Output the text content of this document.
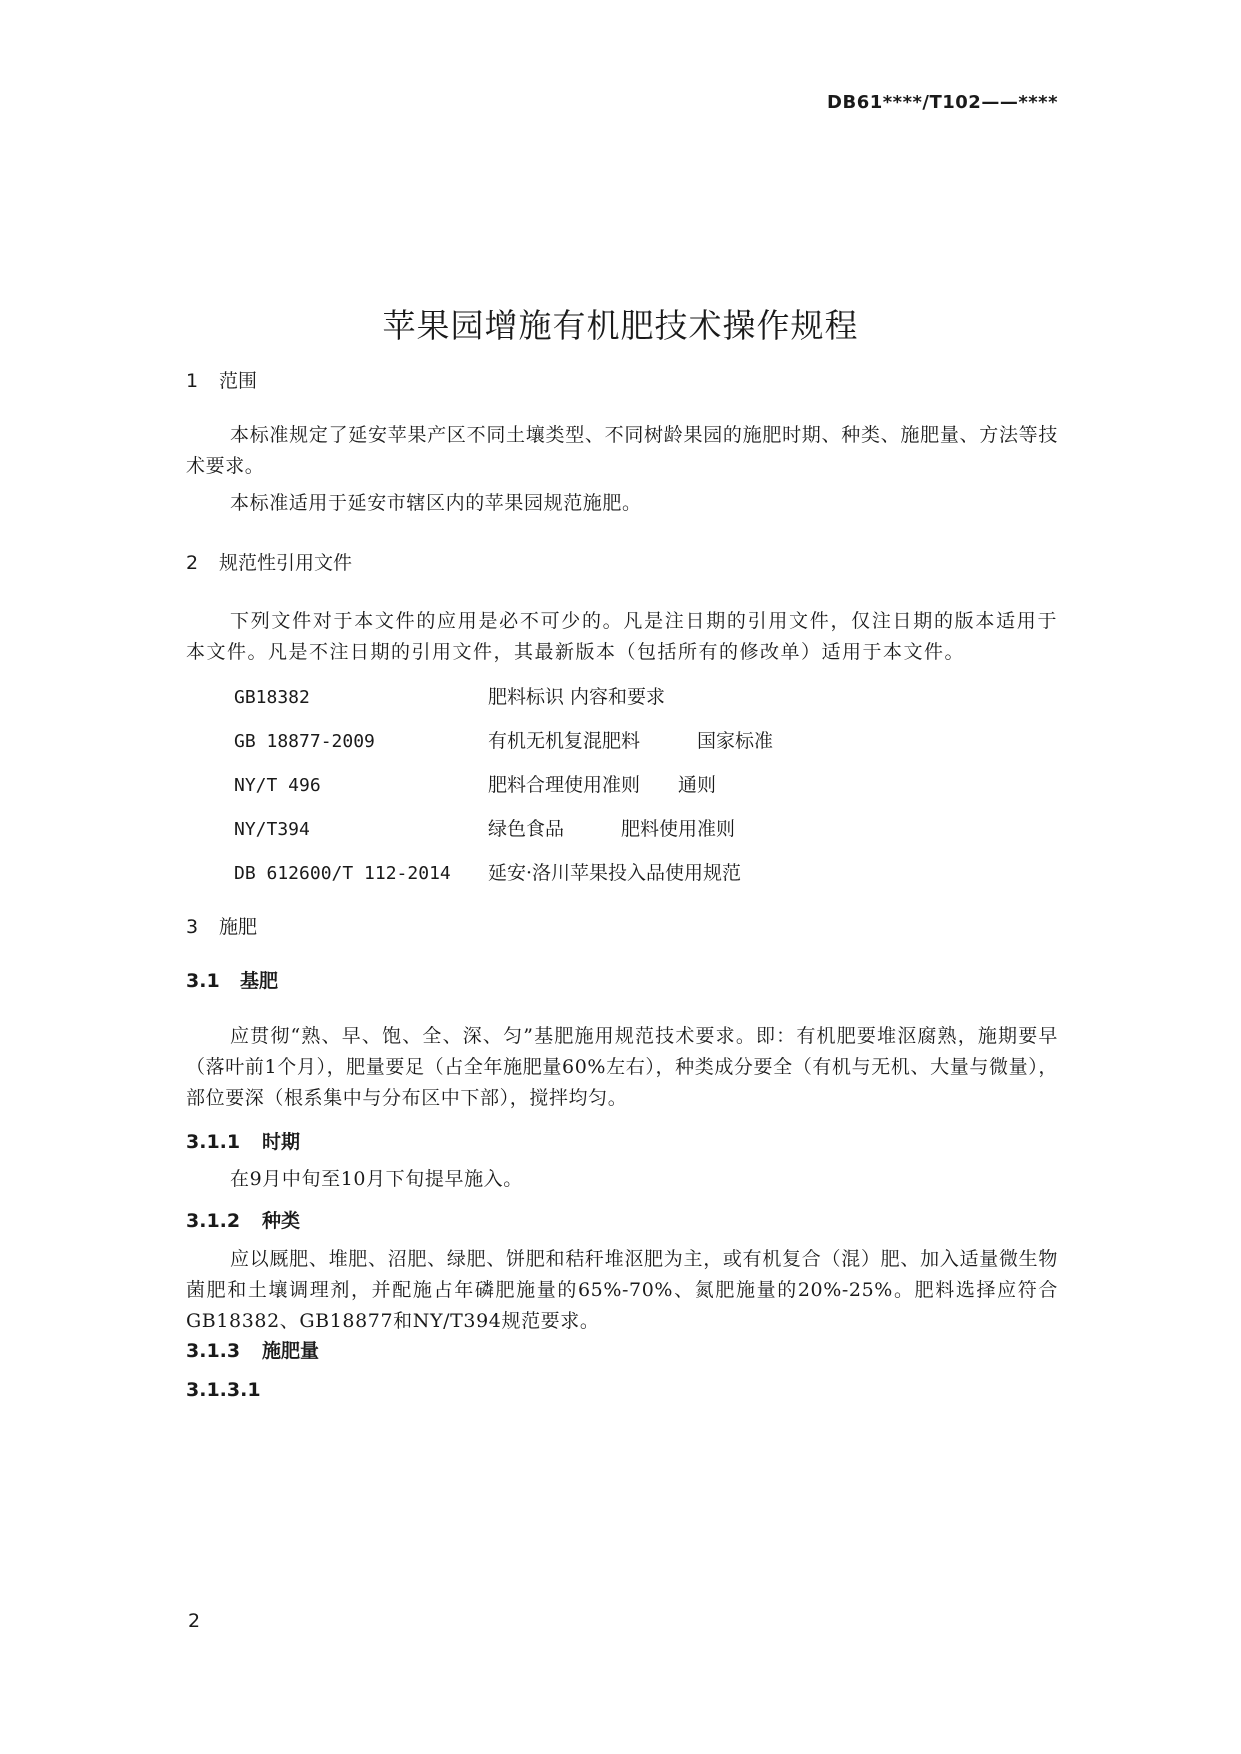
DB61****/T102——****
苹果园增施有机肥技术操作规程
1 范围
本标准规定了延安苹果产区不同土壤类型、不同树龄果园的施肥时期、种类、施肥量、方法等技术要求。
本标准适用于延安市辖区内的苹果园规范施肥。
2 规范性引用文件
下列文件对于本文件的应用是必不可少的。凡是注日期的引用文件，仅注日期的版本适用于本文件。凡是不注日期的引用文件，其最新版本（包括所有的修改单）适用于本文件。
GB18382	肥料标识 内容和要求
GB 18877-2009	有机无机复混肥料　　　国家标准
NY/T 496	肥料合理使用准则　　通则
NY/T394	绿色食品　　　肥料使用准则
DB 612600/T 112-2014 延安·洛川苹果投入品使用规范
3 施肥
3.1 基肥
应贯彻“熟、早、饱、全、深、匀”基肥施用规范技术要求。即：有机肥要堆沤腐熟，施期要早（落叶前1个月），肥量要足（占全年施肥量60%左右），种类成分要全（有机与无机、大量与微量），部位要深（根系集中与分布区中下部），搅拌均匀。
3.1.1 时期
在9月中旬至10月下旬提早施入。
3.1.2 种类
应以厩肥、堆肥、沼肥、绿肥、饼肥和秸秆堆沤肥为主，或有机复合（混）肥、加入适量微生物菌肥和土壤调理剂，并配施占年磷肥施量的65%-70%、氮肥施量的20%-25%。肥料选择应符合GB18382、GB18877和NY/T394规范要求。
3.1.3 施肥量
3.1.3.1
2
